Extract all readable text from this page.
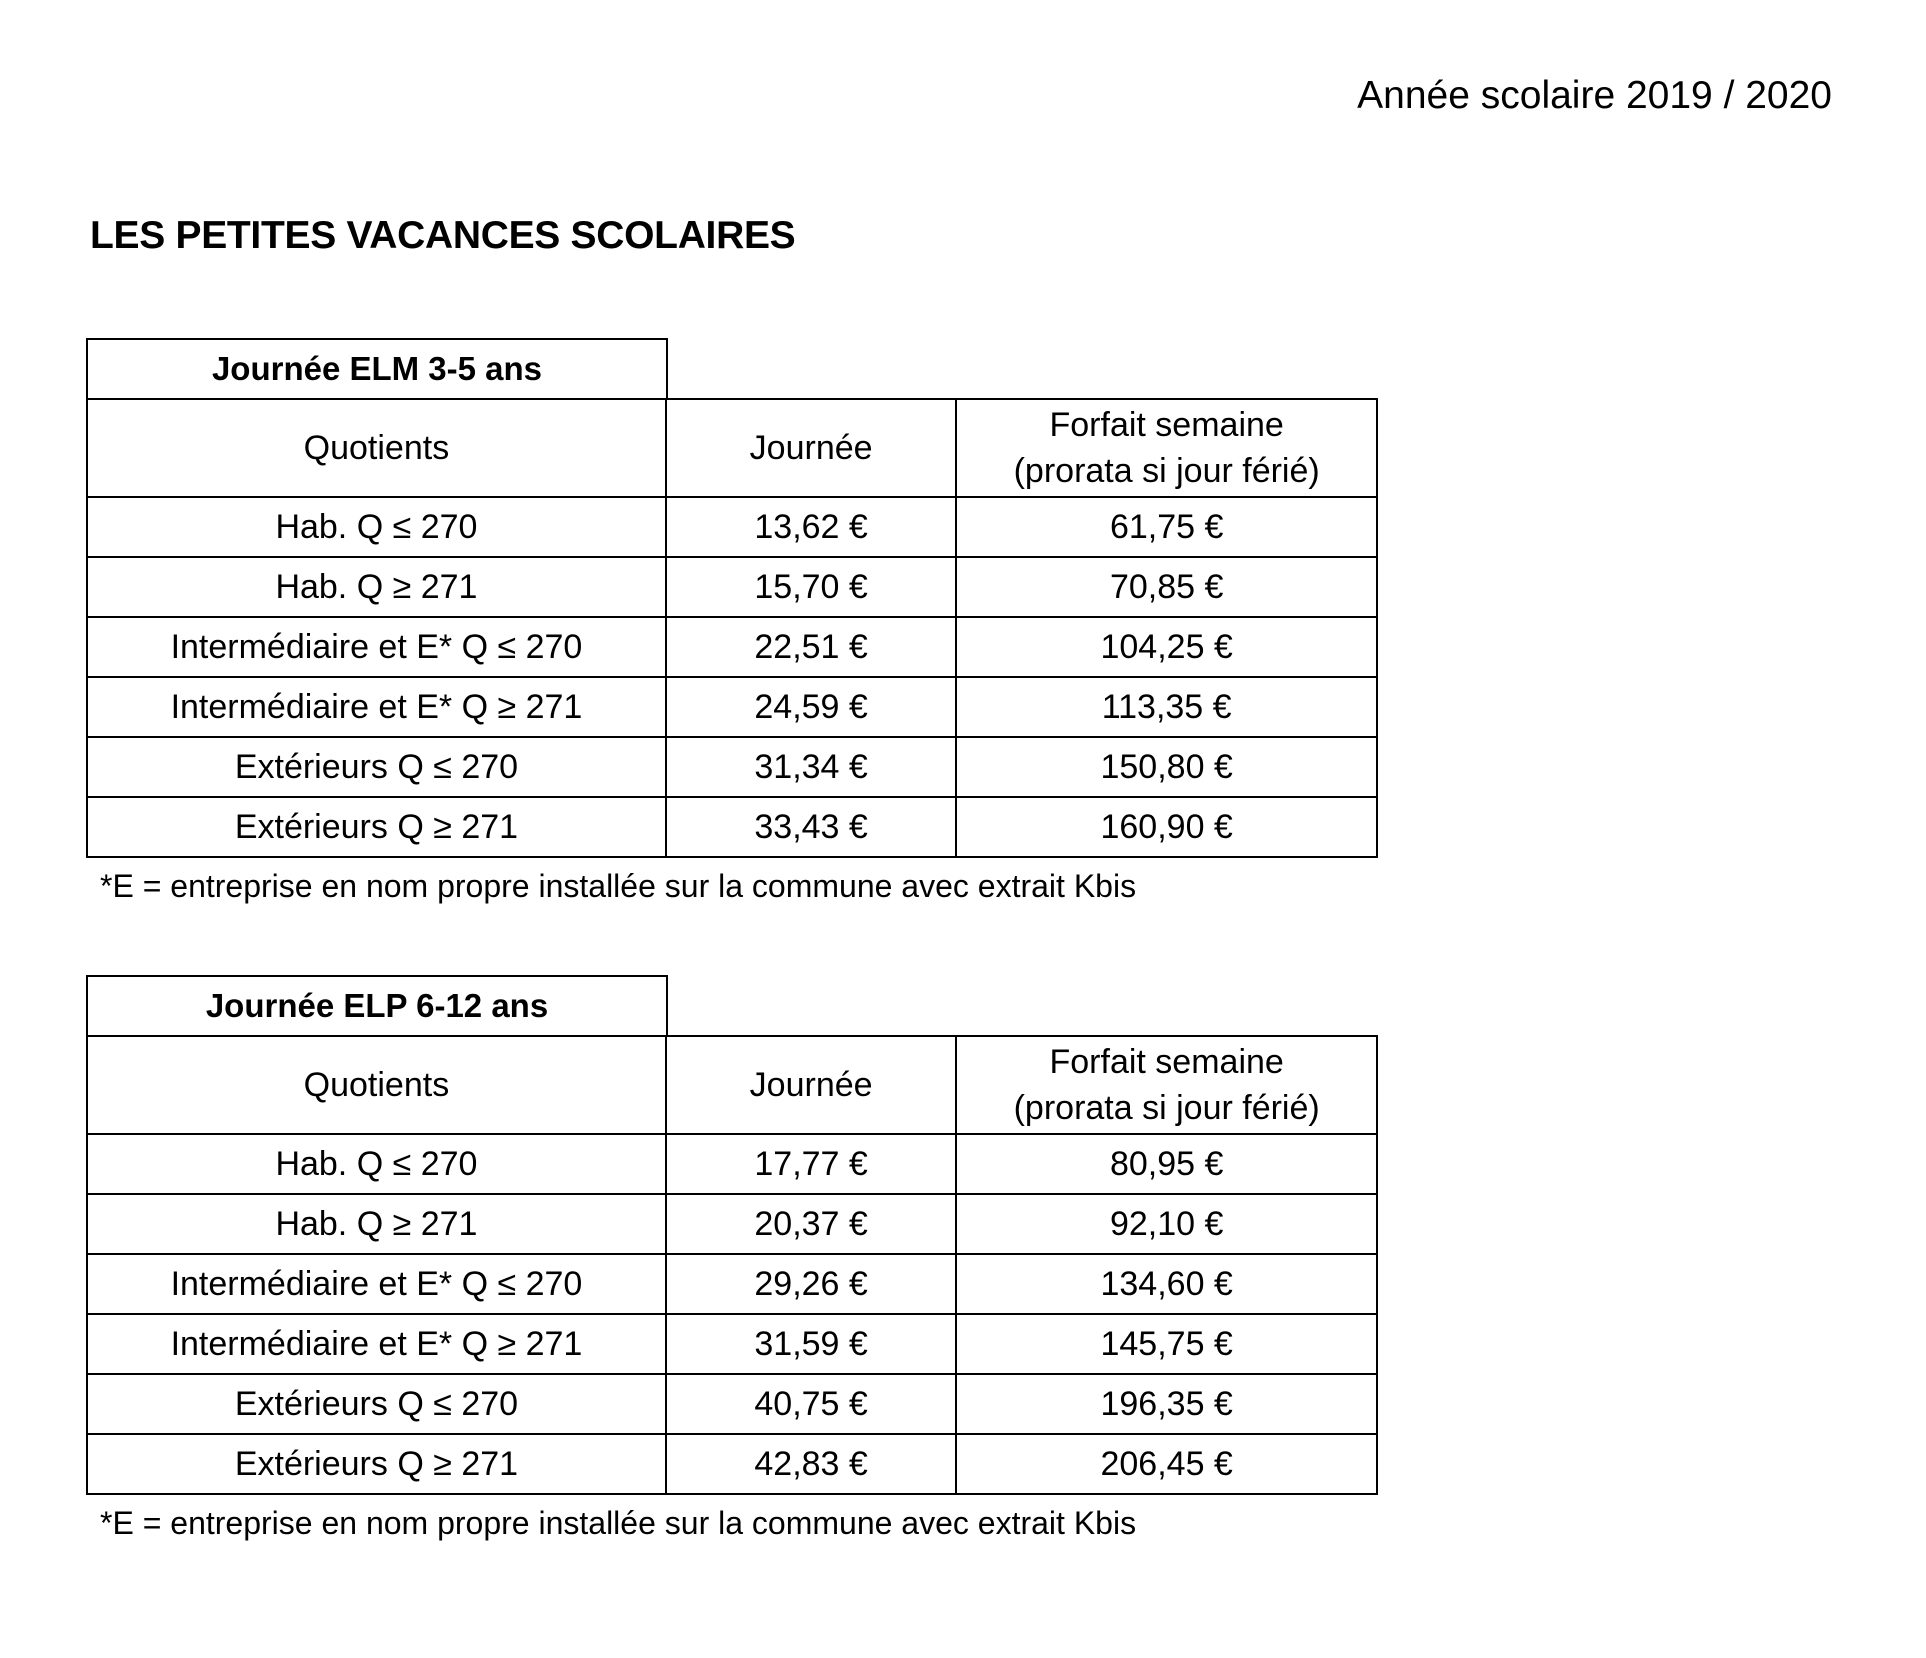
Année scolaire 2019 / 2020
LES PETITES VACANCES SCOLAIRES
Journée ELM 3-5 ans
Quotients	Journée	Forfait semaine
(prorata si jour férié)

Hab. Q ≤ 270	13,62 €	61,75 €
Hab. Q ≥ 271	15,70 €	70,85 €
Intermédiaire et E* Q ≤ 270	22,51 €	104,25 €
Intermédiaire et E* Q ≥ 271	24,59 €	113,35 €
Extérieurs Q ≤ 270	31,34 €	150,80 €
Extérieurs Q ≥ 271	33,43 €	160,90 €
*E = entreprise en nom propre installée sur la commune avec extrait Kbis
Journée ELP 6-12 ans
Quotients	Journée	Forfait semaine
(prorata si jour férié)

Hab. Q ≤ 270	17,77 €	80,95 €
Hab. Q ≥ 271	20,37 €	92,10 €
Intermédiaire et E* Q ≤ 270	29,26 €	134,60 €
Intermédiaire et E* Q ≥ 271	31,59 €	145,75 €
Extérieurs Q ≤ 270	40,75 €	196,35 €
Extérieurs Q ≥ 271	42,83 €	206,45 €
*E = entreprise en nom propre installée sur la commune avec extrait Kbis
